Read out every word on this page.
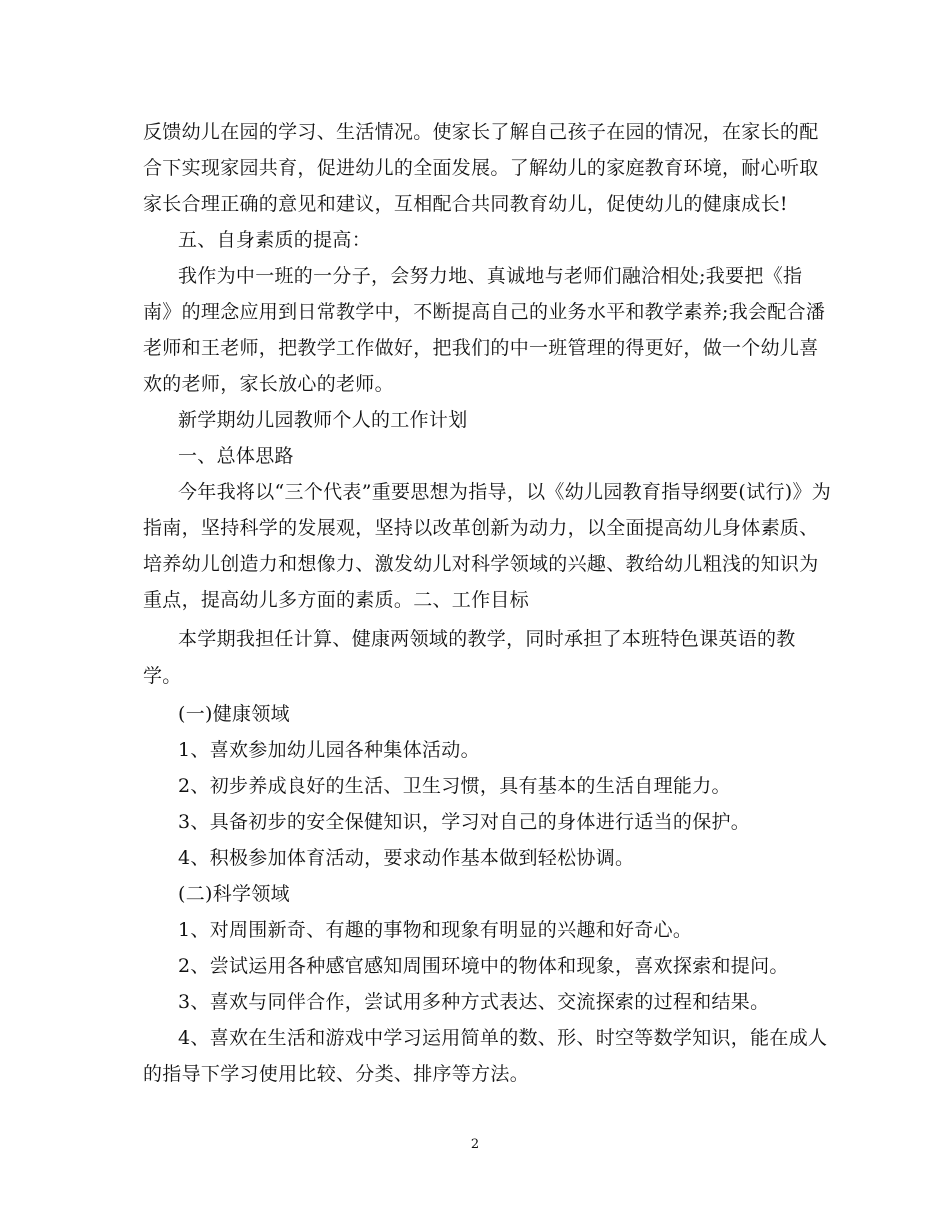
反馈幼儿在园的学习、生活情况。使家长了解自己孩子在园的情况，在家长的配
合下实现家园共育，促进幼儿的全面发展。了解幼儿的家庭教育环境，耐心听取
家长合理正确的意见和建议，互相配合共同教育幼儿，促使幼儿的健康成长!
五、自身素质的提高：
我作为中一班的一分子，会努力地、真诚地与老师们融洽相处;我要把《指
南》的理念应用到日常教学中，不断提高自己的业务水平和教学素养;我会配合潘
老师和王老师，把教学工作做好，把我们的中一班管理的得更好，做一个幼儿喜
欢的老师，家长放心的老师。
新学期幼儿园教师个人的工作计划
一、总体思路
今年我将以“三个代表”重要思想为指导，以《幼儿园教育指导纲要(试行)》为
指南，坚持科学的发展观，坚持以改革创新为动力，以全面提高幼儿身体素质、
培养幼儿创造力和想像力、激发幼儿对科学领域的兴趣、教给幼儿粗浅的知识为
重点，提高幼儿多方面的素质。二、工作目标
本学期我担任计算、健康两领域的教学，同时承担了本班特色课英语的教
学。
(一)健康领域
1、喜欢参加幼儿园各种集体活动。
2、初步养成良好的生活、卫生习惯，具有基本的生活自理能力。
3、具备初步的安全保健知识，学习对自己的身体进行适当的保护。
4、积极参加体育活动，要求动作基本做到轻松协调。
(二)科学领域
1、对周围新奇、有趣的事物和现象有明显的兴趣和好奇心。
2、尝试运用各种感官感知周围环境中的物体和现象，喜欢探索和提问。
3、喜欢与同伴合作，尝试用多种方式表达、交流探索的过程和结果。
4、喜欢在生活和游戏中学习运用简单的数、形、时空等数学知识，能在成人
的指导下学习使用比较、分类、排序等方法。
2
